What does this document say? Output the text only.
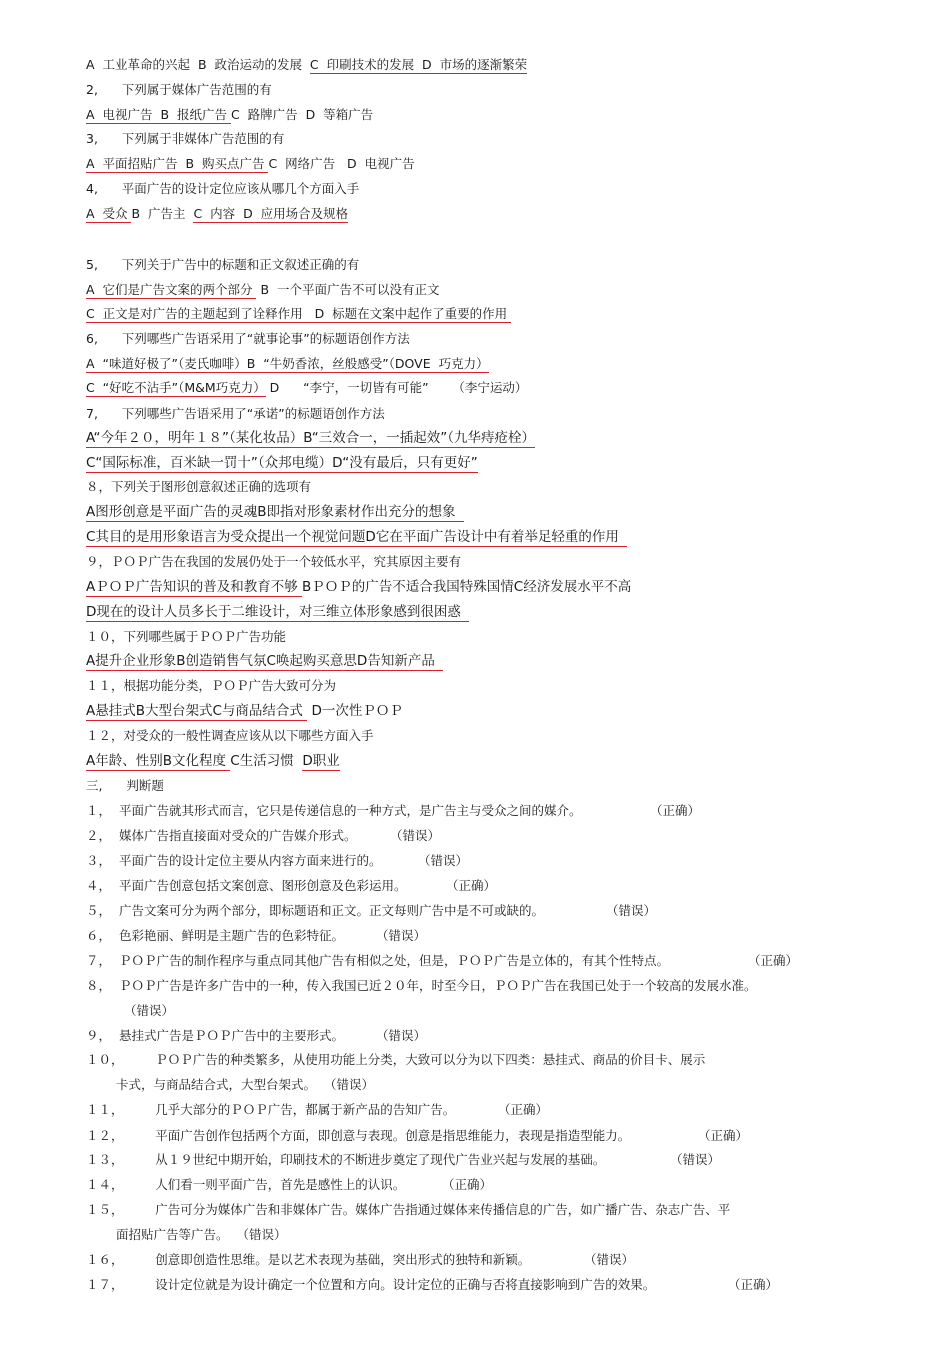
A  工业革命的兴起  B  政治运动的发展  C  印刷技术的发展  D  市场的逐渐繁荣
2,      下列属于媒体广告范围的有
A  电视广告  B  报纸广告 C  路牌广告  D  等箱广告
3,      下列属于非媒体广告范围的有
A  平面招贴广告  B  购买点广告 C  网络广告   D  电视广告
4,      平面广告的设计定位应该从哪几个方面入手
A  受众 B  广告主  C  内容  D  应用场合及规格
5,      下列关于广告中的标题和正文叙述正确的有
A  它们是广告文案的两个部分  B  一个平面广告不可以没有正文
C  正文是对广告的主题起到了诠释作用   D  标题在文案中起作了重要的作用
6,      下列哪些广告语采用了“就事论事”的标题语创作方法
A  “味道好极了”（麦氏咖啡）B  “牛奶香浓，丝般感受”（DOVE  巧克力）
C  “好吃不沾手”（M&M巧克力） D      “李宁，一切皆有可能”      （李宁运动）
7,      下列哪些广告语采用了“承诺”的标题语创作方法
A“今年２０，明年１８”（某化妆品）B“三效合一，一插起效”（九华痔疮栓）
C“国际标准，百米缺一罚十”（众邦电缆）D“没有最后，只有更好”
８，下列关于图形创意叙述正确的选项有
A图形创意是平面广告的灵魂B即指对形象素材作出充分的想象
C其目的是用形象语言为受众提出一个视觉问题D它在平面广告设计中有着举足轻重的作用
９，ＰＯＰ广告在我国的发展仍处于一个较低水平，究其原因主要有
AＰＯＰ广告知识的普及和教育不够 BＰＯＰ的广告不适合我国特殊国情C经济发展水平不高
D现在的设计人员多长于二维设计，对三维立体形象感到很困惑
１０，下列哪些属于ＰＯＰ广告功能
A提升企业形象B创造销售气氛C唤起购买意思D告知新产品
１１，根据功能分类，ＰＯＰ广告大致可分为
A悬挂式B大型台架式C与商品结合式  D一次性ＰＯＰ
１２，对受众的一般性调查应该从以下哪些方面入手
A年龄、性别B文化程度 C生活习惯  D职业
三,      判断题
１，  平面广告就其形式而言，它只是传递信息的一种方式，是广告主与受众之间的媒介。	（正确）
２，  媒体广告指直接面对受众的广告媒介形式。	（错误）
３，  平面广告的设计定位主要从内容方面来进行的。	（错误）
４，  平面广告创意包括文案创意、图形创意及色彩运用。	（正确）
５，  广告文案可分为两个部分，即标题语和正文。正文每则广告中是不可或缺的。	（错误）
６，  色彩艳丽、鲜明是主题广告的色彩特征。	（错误）
７，  ＰＯＰ广告的制作程序与重点同其他广告有相似之处，但是，ＰＯＰ广告是立体的，有其个性特点。	（正确）
８，  ＰＯＰ广告是许多广告中的一种，传入我国已近２０年，时至今日，ＰＯＰ广告在我国已处于一个较高的发展水准。
（错误）
９，  悬挂式广告是ＰＯＰ广告中的主要形式。	（错误）
１０，        ＰＯＰ广告的种类繁多，从使用功能上分类，大致可以分为以下四类：悬挂式、商品的价目卡、展示
卡式，与商品结合式，大型台架式。  （错误）
１１，        几乎大部分的ＰＯＰ广告，都属于新产品的告知广告。	（正确）
１２，        平面广告创作包括两个方面，即创意与表现。创意是指思维能力，表现是指造型能力。	（正确）
１３，        从１９世纪中期开始，印刷技术的不断进步奠定了现代广告业兴起与发展的基础。	（错误）
１４，        人们看一则平面广告，首先是感性上的认识。	（正确）
１５，        广告可分为媒体广告和非媒体广告。媒体广告指通过媒体来传播信息的广告，如广播广告、杂志广告、平
面招贴广告等广告。  （错误）
１６，        创意即创造性思维。是以艺术表现为基础，突出形式的独特和新颖。	（错误）
１７，        设计定位就是为设计确定一个位置和方向。设计定位的正确与否将直接影响到广告的效果。	（正确）
